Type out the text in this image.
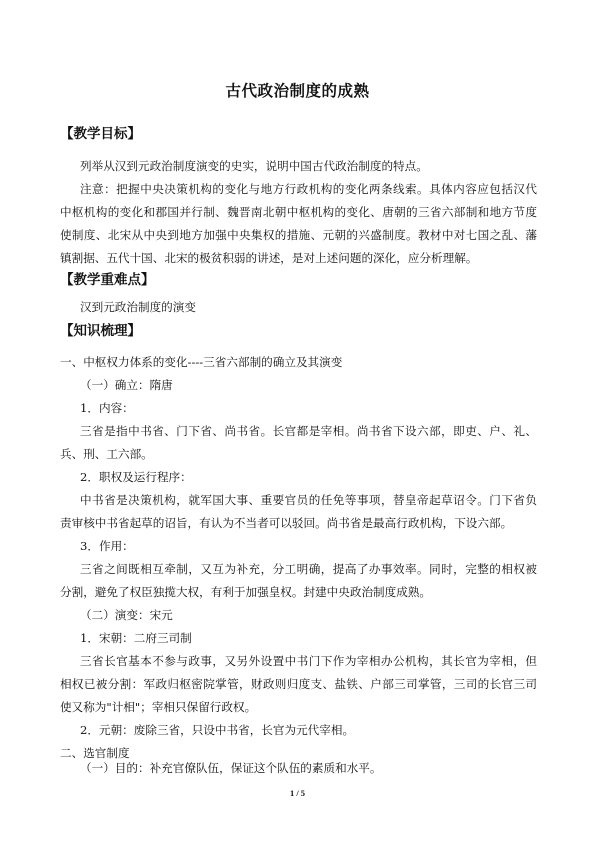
古代政治制度的成熟
【教学目标】
列举从汉到元政治制度演变的史实，说明中国古代政治制度的特点。
注意：把握中央决策机构的变化与地方行政机构的变化两条线索。具体内容应包括汉代
中枢机构的变化和郡国并行制、魏晋南北朝中枢机构的变化、唐朝的三省六部制和地方节度
使制度、北宋从中央到地方加强中央集权的措施、元朝的兴盛制度。教材中对七国之乱、藩
镇割据、五代十国、北宋的极贫积弱的讲述，是对上述问题的深化，应分析理解。
【教学重难点】
汉到元政治制度的演变
【知识梳理】
一、中枢权力体系的变化----三省六部制的确立及其演变
（一）确立：隋唐
1．内容：
三省是指中书省、门下省、尚书省。长官都是宰相。尚书省下设六部，即吏、户、礼、
兵、刑、工六部。
2．职权及运行程序：
中书省是决策机构，就军国大事、重要官员的任免等事项，替皇帝起草诏令。门下省负
责审核中书省起草的诏旨，有认为不当者可以驳回。尚书省是最高行政机构，下设六部。
3．作用：
三省之间既相互牵制，又互为补充，分工明确，提高了办事效率。同时，完整的相权被
分割，避免了权臣独揽大权，有利于加强皇权。封建中央政治制度成熟。
（二）演变：宋元
1．宋朝：二府三司制
三省长官基本不参与政事，又另外设置中书门下作为宰相办公机构，其长官为宰相，但
相权已被分割：军政归枢密院掌管，财政则归度支、盐铁、户部三司掌管，三司的长官三司
使又称为"计相"；宰相只保留行政权。
2．元朝：废除三省，只设中书省，长官为元代宰相。
二、选官制度
（一）目的：补充官僚队伍，保证这个队伍的素质和水平。
1 / 5
